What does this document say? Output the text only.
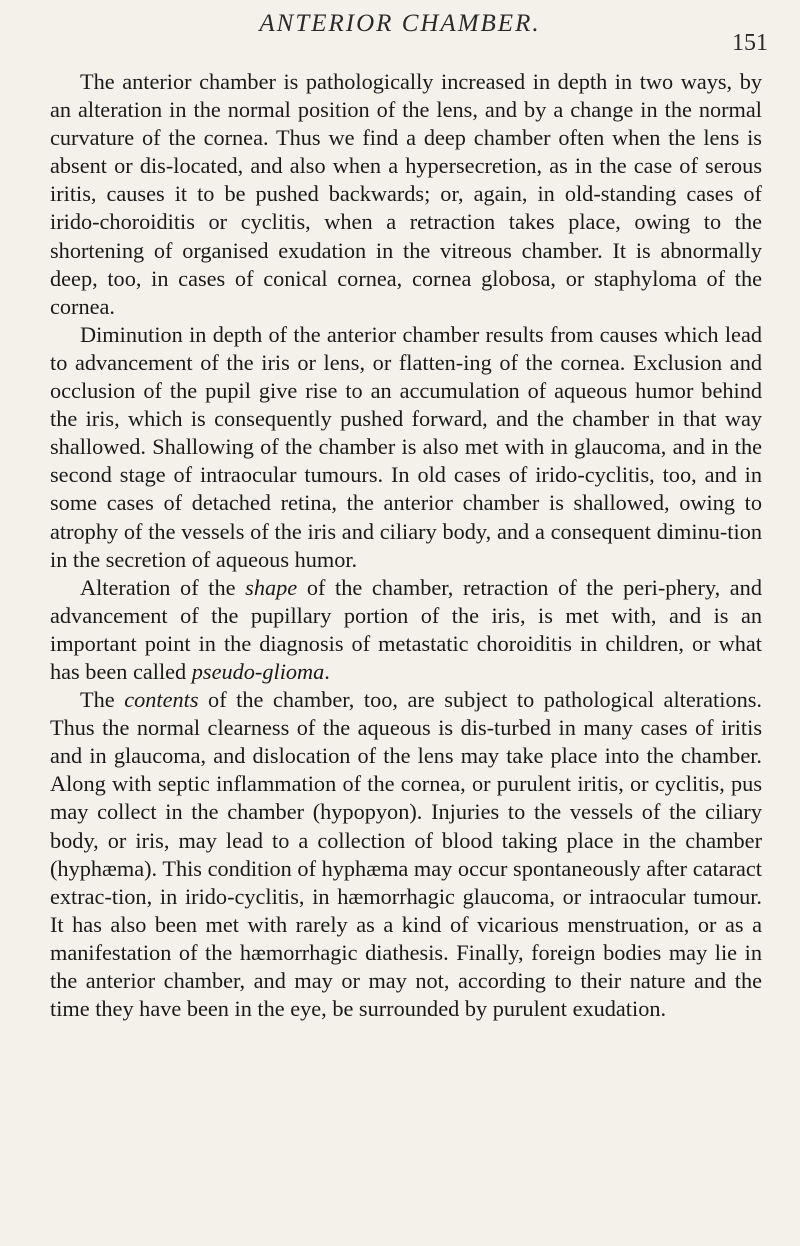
ANTERIOR CHAMBER.
151

The anterior chamber is pathologically increased in depth in two ways, by an alteration in the normal position of the lens, and by a change in the normal curvature of the cornea. Thus we find a deep chamber often when the lens is absent or dis-located, and also when a hypersecretion, as in the case of serous iritis, causes it to be pushed backwards; or, again, in old-standing cases of irido-choroiditis or cyclitis, when a retraction takes place, owing to the shortening of organised exudation in the vitreous chamber. It is abnormally deep, too, in cases of conical cornea, cornea globosa, or staphyloma of the cornea.

Diminution in depth of the anterior chamber results from causes which lead to advancement of the iris or lens, or flatten-ing of the cornea. Exclusion and occlusion of the pupil give rise to an accumulation of aqueous humor behind the iris, which is consequently pushed forward, and the chamber in that way shallowed. Shallowing of the chamber is also met with in glaucoma, and in the second stage of intraocular tumours. In old cases of irido-cyclitis, too, and in some cases of detached retina, the anterior chamber is shallowed, owing to atrophy of the vessels of the iris and ciliary body, and a consequent diminu-tion in the secretion of aqueous humor.

Alteration of the shape of the chamber, retraction of the peri-phery, and advancement of the pupillary portion of the iris, is met with, and is an important point in the diagnosis of metastatic choroiditis in children, or what has been called pseudo-glioma.

The contents of the chamber, too, are subject to pathological alterations. Thus the normal clearness of the aqueous is dis-turbed in many cases of iritis and in glaucoma, and dislocation of the lens may take place into the chamber. Along with septic inflammation of the cornea, or purulent iritis, or cyclitis, pus may collect in the chamber (hypopyon). Injuries to the vessels of the ciliary body, or iris, may lead to a collection of blood taking place in the chamber (hyphæma). This condition of hyphæma may occur spontaneously after cataract extrac-tion, in irido-cyclitis, in hæmorrhagic glaucoma, or intraocular tumour. It has also been met with rarely as a kind of vicarious menstruation, or as a manifestation of the hæmorrhagic diathesis. Finally, foreign bodies may lie in the anterior chamber, and may or may not, according to their nature and the time they have been in the eye, be surrounded by purulent exudation.
